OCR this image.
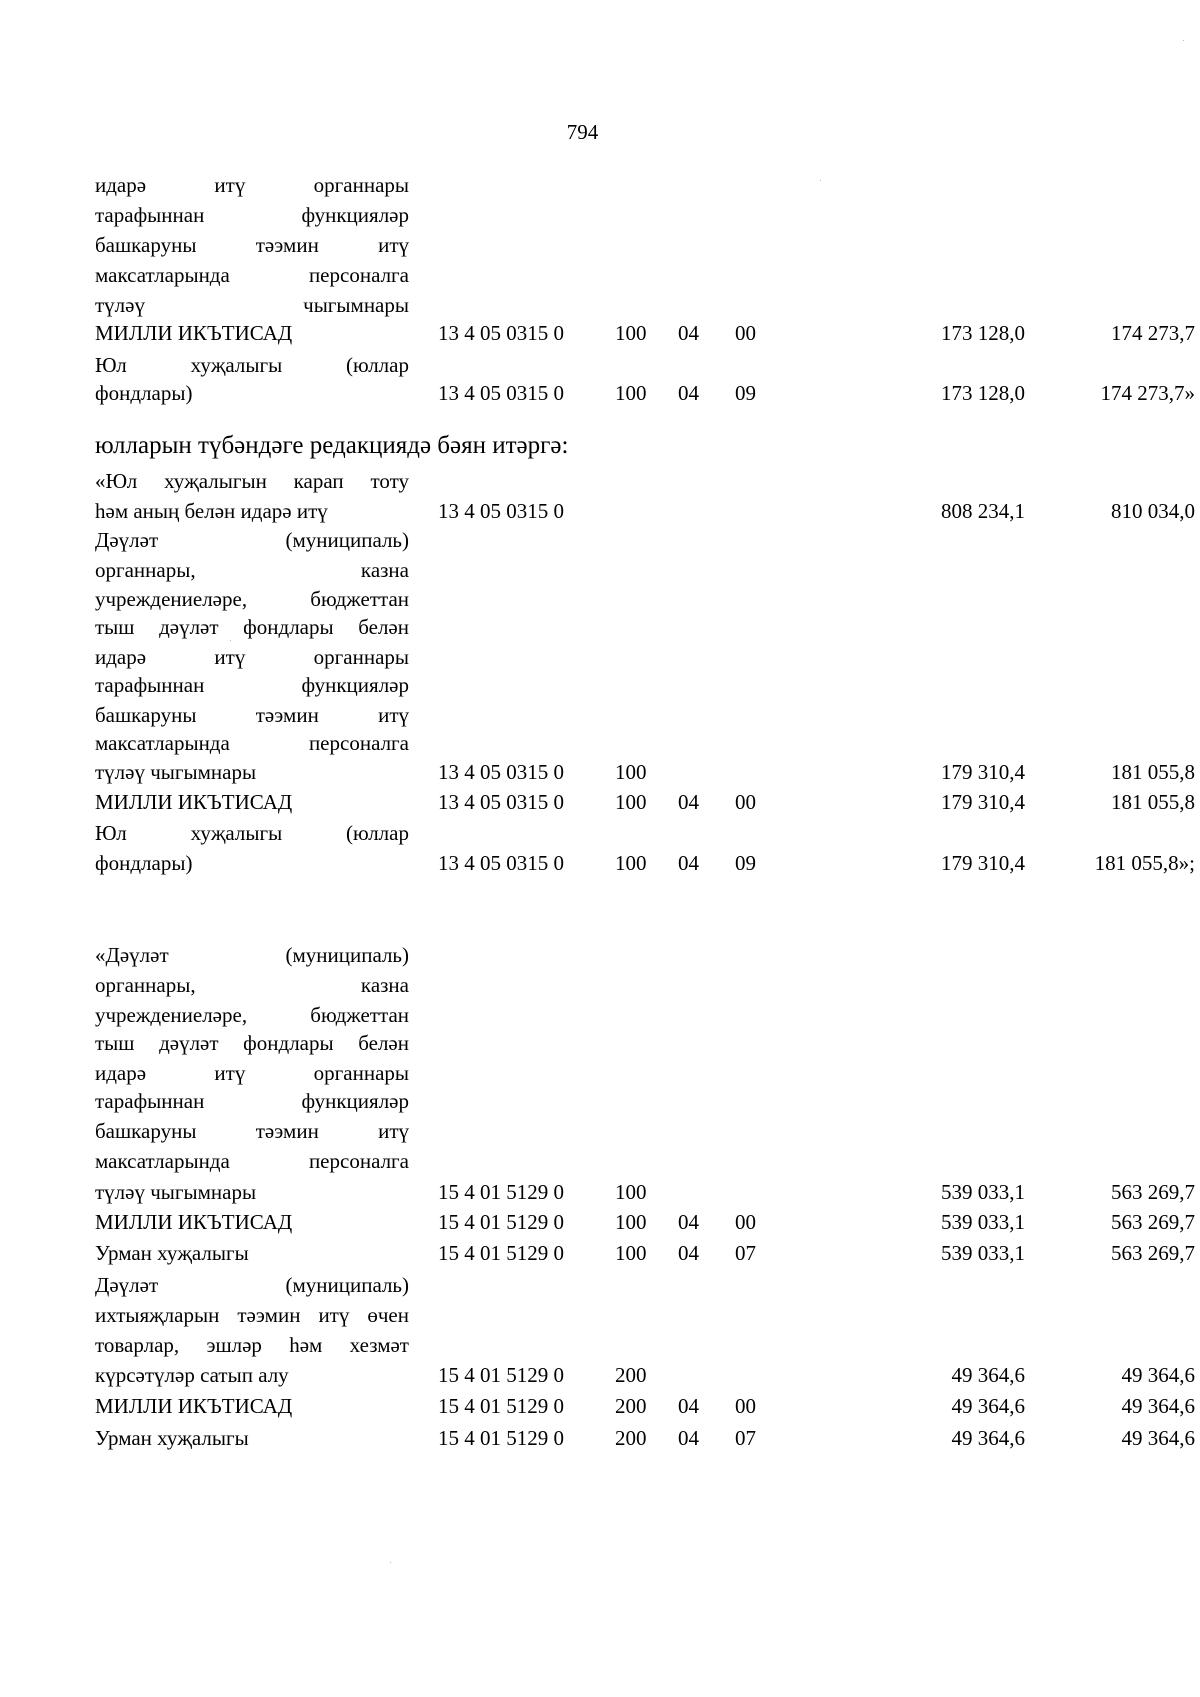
794
идарә итү органнары
тарафыннан функцияләр
башкаруны тәэмин итү
максатларында персоналга
түләү чыгымнары
МИЛЛИ ИКЪТИСАД	13 4 05 0315 0 100	04	00	173 128,0	174 273,7
Юл хуҗалыгы (юллар
фондлары)	13 4 05 0315 0 100	04	09	173 128,0	174 273,7»
юлларын түбәндәге редакциядә бәян итәргә:
«Юл хуҗалыгын карап тоту
һәм аның белән идарә итү	13 4 05 0315 0	808 234,1	810 034,0
Дәүләт (муниципаль)
органнары, казна
учреждениеләре, бюджеттан
тыш дәүләт фондлары белән
идарә итү органнары
тарафыннан функцияләр
башкаруны тәэмин итү
максатларында персоналга
түләү чыгымнары	13 4 05 0315 0 100	179 310,4	181 055,8
МИЛЛИ ИКЪТИСАД	13 4 05 0315 0 100	04	00	179 310,4	181 055,8
Юл хуҗалыгы (юллар
фондлары)	13 4 05 0315 0 100	04	09	179 310,4	181 055,8»;
«Дәүләт (муниципаль)
органнары, казна
учреждениеләре, бюджеттан
тыш дәүләт фондлары белән
идарә итү органнары
тарафыннан функцияләр
башкаруны тәэмин итү
максатларында персоналга
түләү чыгымнары	15 4 01 5129 0 100	539 033,1	563 269,7
МИЛЛИ ИКЪТИСАД	15 4 01 5129 0 100	04	00	539 033,1	563 269,7
Урман хуҗалыгы	15 4 01 5129 0 100	04	07	539 033,1	563 269,7
Дәүләт (муниципаль)
ихтыяҗларын тәэмин итү өчен
товарлар, эшләр һәм хезмәт
күрсәтүләр сатып алу	15 4 01 5129 0 200	49 364,6	49 364,6
МИЛЛИ ИКЪТИСАД	15 4 01 5129 0 200	04	00	49 364,6	49 364,6
Урман хуҗалыгы	15 4 01 5129 0 200	04	07	49 364,6	49 364,6
